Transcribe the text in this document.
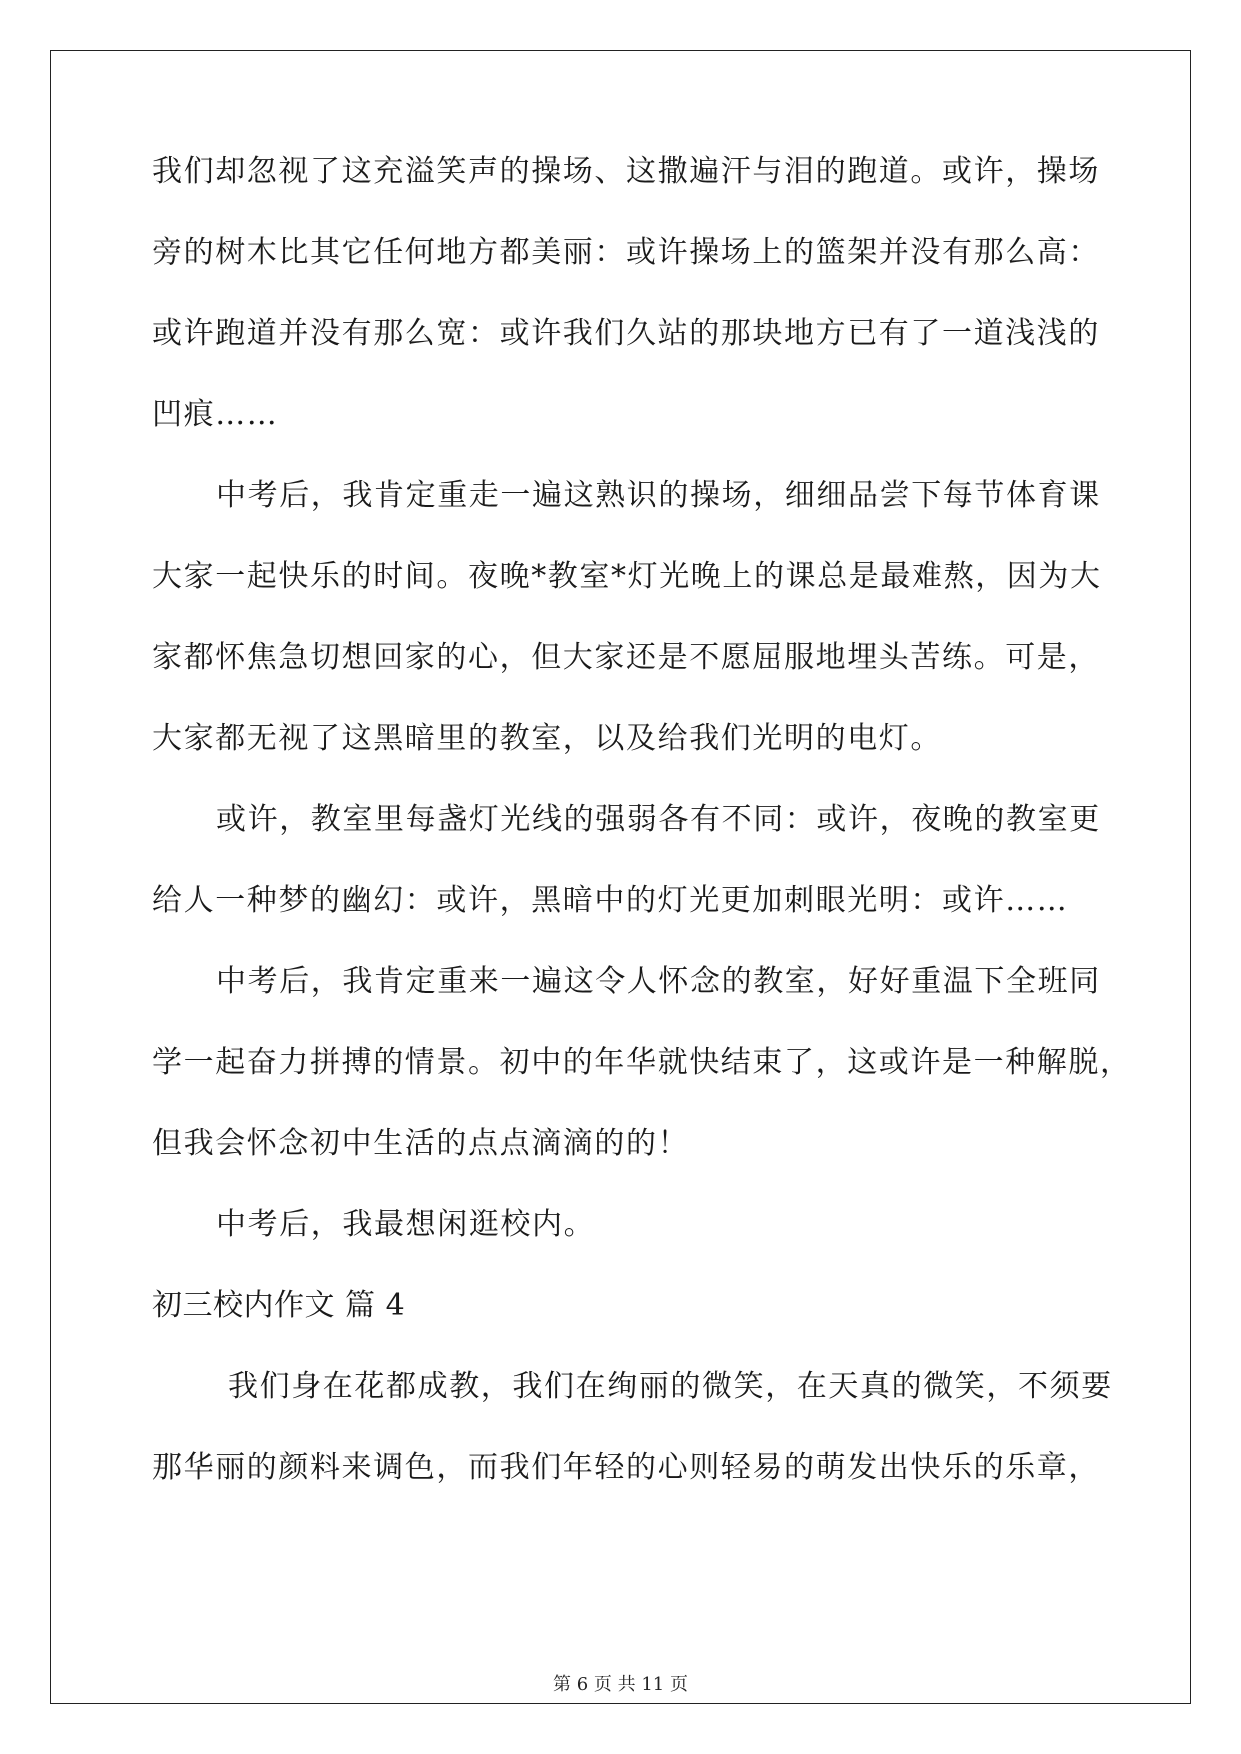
我们却忽视了这充溢笑声的操场、这撒遍汗与泪的跑道。或许，操场
旁的树木比其它任何地方都美丽：或许操场上的篮架并没有那么高：
或许跑道并没有那么宽：或许我们久站的那块地方已有了一道浅浅的
凹痕……
中考后，我肯定重走一遍这熟识的操场，细细品尝下每节体育课
大家一起快乐的时间。夜晚*教室*灯光晚上的课总是最难熬，因为大
家都怀焦急切想回家的心，但大家还是不愿屈服地埋头苦练。可是，
大家都无视了这黑暗里的教室，以及给我们光明的电灯。
或许，教室里每盏灯光线的强弱各有不同：或许，夜晚的教室更
给人一种梦的幽幻：或许，黑暗中的灯光更加刺眼光明：或许……
中考后，我肯定重来一遍这令人怀念的教室，好好重温下全班同
学一起奋力拼搏的情景。初中的年华就快结束了，这或许是一种解脱，
但我会怀念初中生活的点点滴滴的的！
中考后，我最想闲逛校内。
初三校内作文 篇 4
我们身在花都成教，我们在绚丽的微笑，在天真的微笑，不须要
那华丽的颜料来调色，而我们年轻的心则轻易的萌发出快乐的乐章，
第 6 页 共 11 页
